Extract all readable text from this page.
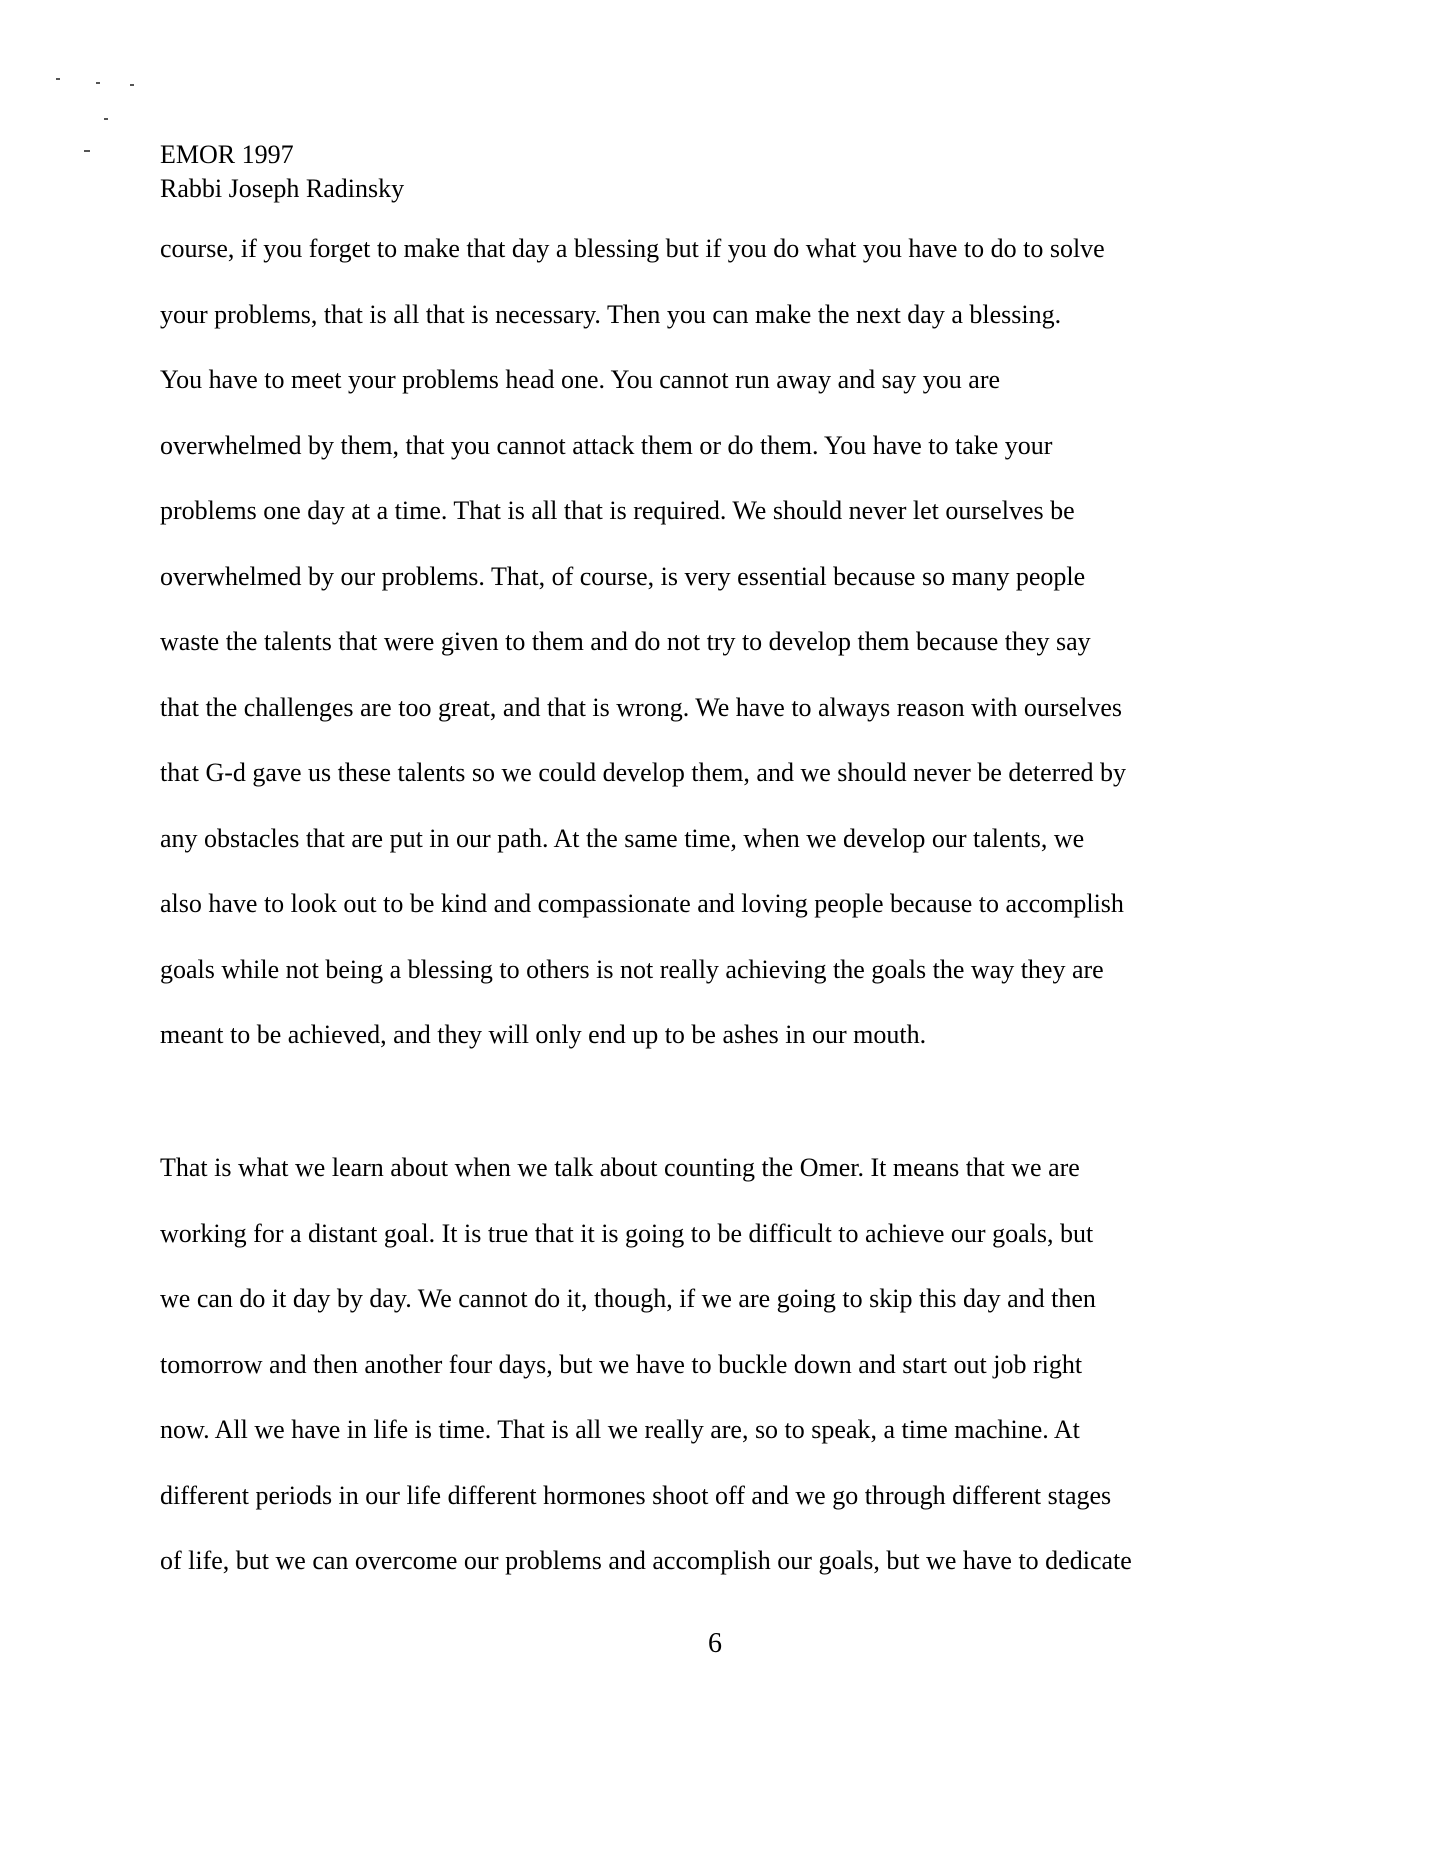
EMOR 1997
Rabbi Joseph Radinsky
course, if you forget to make that day a blessing but if you do what you have to do to solve
your problems, that is all that is necessary. Then you can make the next day a blessing.
You have to meet your problems head one. You cannot run away and say you are
overwhelmed by them, that you cannot attack them or do them. You have to take your
problems one day at a time. That is all that is required. We should never let ourselves be
overwhelmed by our problems. That, of course, is very essential because so many people
waste the talents that were given to them and do not try to develop them because they say
that the challenges are too great, and that is wrong. We have to always reason with ourselves
that G-d gave us these talents so we could develop them, and we should never be deterred by
any obstacles that are put in our path. At the same time, when we develop our talents, we
also have to look out to be kind and compassionate and loving people because to accomplish
goals while not being a blessing to others is not really achieving the goals the way they are
meant to be achieved, and they will only end up to be ashes in our mouth.
That is what we learn about when we talk about counting the Omer. It means that we are
working for a distant goal. It is true that it is going to be difficult to achieve our goals, but
we can do it day by day. We cannot do it, though, if we are going to skip this day and then
tomorrow and then another four days, but we have to buckle down and start out job right
now. All we have in life is time. That is all we really are, so to speak, a time machine. At
different periods in our life different hormones shoot off and we go through different stages
of life, but we can overcome our problems and accomplish our goals, but we have to dedicate
6
